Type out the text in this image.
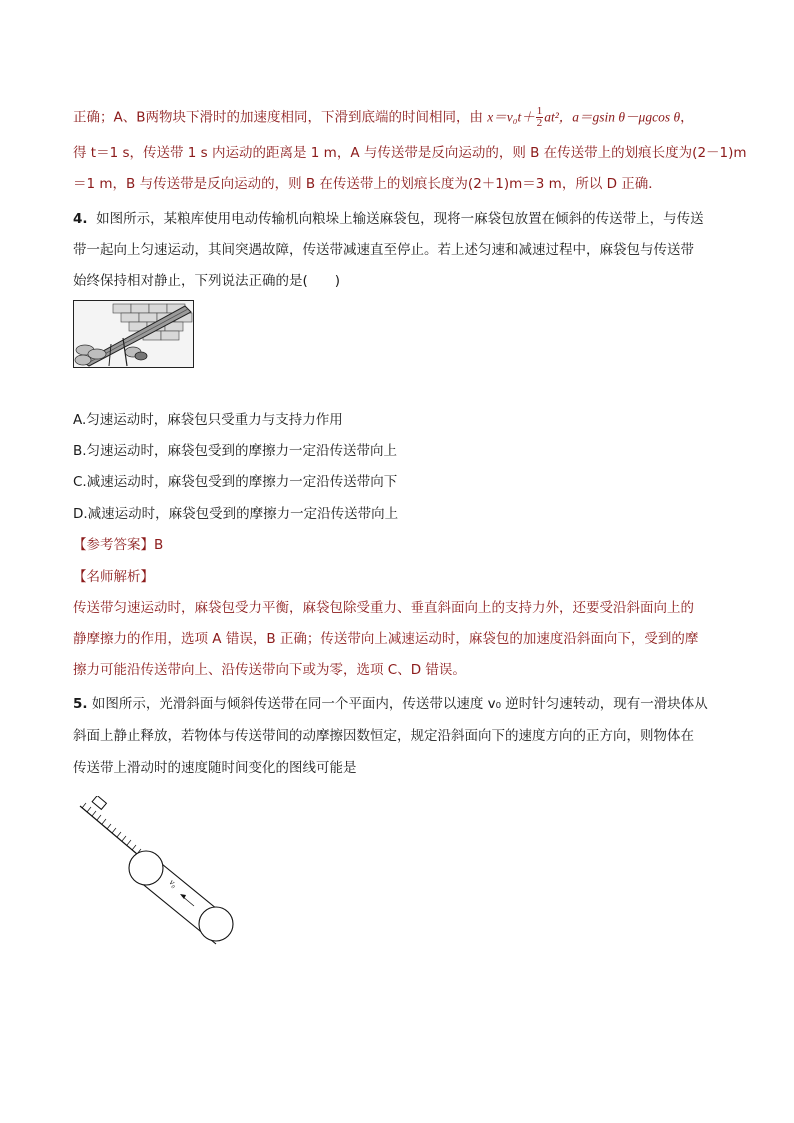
正确；A、B两物块下滑时的加速度相同，下滑到底端的时间相同，由 $x=v_0t+ \frac{1}{2} at^2$，a＝gsin θ－μgcos θ，
得 t＝1 s，传送带 1 s 内运动的距离是 1 m，A 与传送带是反向运动的，则 B 在传送带上的划痕长度为(2－1)m
＝1 m，B 与传送带是反向运动的，则 B 在传送带上的划痕长度为(2＋1)m＝3 m，所以 D 正确．
4. 如图所示，某粮库使用电动传输机向粮垛上输送麻袋包，现将一麻袋包放置在倾斜的传送带上，与传送
带一起向上匀速运动，其间突遇故障，传送带减速直至停止。若上述匀速和减速过程中，麻袋包与传送带
始终保持相对静止，下列说法正确的是(　　)
A.匀速运动时，麻袋包只受重力与支持力作用
B.匀速运动时，麻袋包受到的摩擦力一定沿传送带向上
C.减速运动时，麻袋包受到的摩擦力一定沿传送带向下
D.减速运动时，麻袋包受到的摩擦力一定沿传送带向上
【参考答案】B
【名师解析】
传送带匀速运动时，麻袋包受力平衡，麻袋包除受重力、垂直斜面向上的支持力外，还要受沿斜面向上的
静摩擦力的作用，选项 A 错误，B 正确；传送带向上减速运动时，麻袋包的加速度沿斜面向下，受到的摩
擦力可能沿传送带向上、沿传送带向下或为零，选项 C、D 错误。
5. 如图所示，光滑斜面与倾斜传送带在同一个平面内，传送带以速度 v₀ 逆时针匀速转动，现有一滑块体从
斜面上静止释放，若物体与传送带间的动摩擦因数恒定，规定沿斜面向下的速度方向的正方向，则物体在
传送带上滑动时的速度随时间变化的图线可能是
v₀
